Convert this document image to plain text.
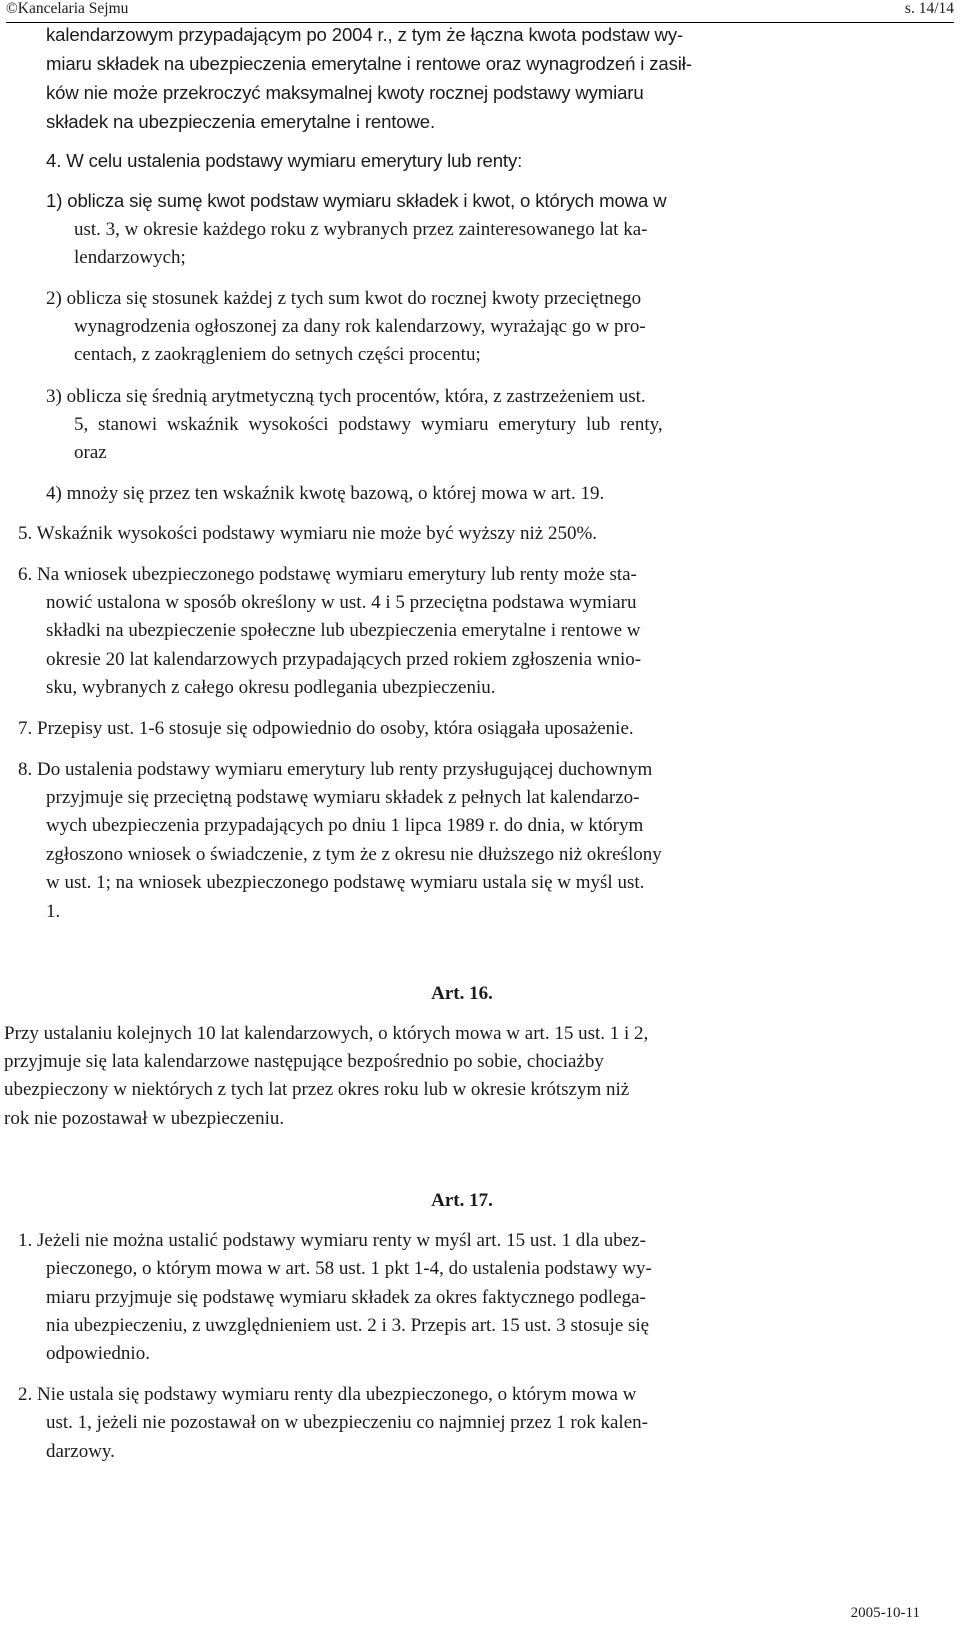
©Kancelaria Sejmu	s. 14/14

kalendarzowym przypadającym po 2004 r., z tym że łączna kwota podstaw wy-

miaru składek na ubezpieczenia emerytalne i rentowe oraz wynagrodzeń i zasił-

ków nie może przekroczyć maksymalnej kwoty rocznej podstawy wymiaru

składek na ubezpieczenia emerytalne i rentowe.

4. W celu ustalenia podstawy wymiaru emerytury lub renty:

1) oblicza się sumę kwot podstaw wymiaru składek i kwot, o których mowa w

ust. 3, w okresie każdego roku z wybranych przez zainteresowanego lat ka-

lendarzowych;

2) oblicza się stosunek każdej z tych sum kwot do rocznej kwoty przeciętnego

wynagrodzenia ogłoszonej za dany rok kalendarzowy, wyrażając go w pro-

centach, z zaokrągleniem do setnych części procentu;

3) oblicza się średnią arytmetyczną tych procentów, która, z zastrzeżeniem ust.

5, stanowi wskaźnik wysokości podstawy wymiaru emerytury lub renty,

oraz

4) mnoży się przez ten wskaźnik kwotę bazową, o której mowa w art. 19.

5. Wskaźnik wysokości podstawy wymiaru nie może być wyższy niż 250%.

6. Na wniosek ubezpieczonego podstawę wymiaru emerytury lub renty może sta-

nowić ustalona w sposób określony w ust. 4 i 5 przeciętna podstawa wymiaru

składki na ubezpieczenie społeczne lub ubezpieczenia emerytalne i rentowe w

okresie 20 lat kalendarzowych przypadających przed rokiem zgłoszenia wnio-

sku, wybranych z całego okresu podlegania ubezpieczeniu.

7. Przepisy ust. 1-6 stosuje się odpowiednio do osoby, która osiągała uposażenie.

8. Do ustalenia podstawy wymiaru emerytury lub renty przysługującej duchownym

przyjmuje się przeciętną podstawę wymiaru składek z pełnych lat kalendarzo-

wych ubezpieczenia przypadających po dniu 1 lipca 1989 r. do dnia, w którym

zgłoszono wniosek o świadczenie, z tym że z okresu nie dłuższego niż określony

w ust. 1; na wniosek ubezpieczonego podstawę wymiaru ustala się w myśl ust.

1.

Art. 16.

Przy ustalaniu kolejnych 10 lat kalendarzowych, o których mowa w art. 15 ust. 1 i 2,

przyjmuje się lata kalendarzowe następujące bezpośrednio po sobie, chociażby

ubezpieczony w niektórych z tych lat przez okres roku lub w okresie krótszym niż

rok nie pozostawał w ubezpieczeniu.

Art. 17.

1. Jeżeli nie można ustalić podstawy wymiaru renty w myśl art. 15 ust. 1 dla ubez-

pieczonego, o którym mowa w art. 58 ust. 1 pkt 1-4, do ustalenia podstawy wy-

miaru przyjmuje się podstawę wymiaru składek za okres faktycznego podlega-

nia ubezpieczeniu, z uwzględnieniem ust. 2 i 3. Przepis art. 15 ust. 3 stosuje się

odpowiednio.

2. Nie ustala się podstawy wymiaru renty dla ubezpieczonego, o którym mowa w

ust. 1, jeżeli nie pozostawał on w ubezpieczeniu co najmniej przez 1 rok kalen-

darzowy.

2005-10-11
